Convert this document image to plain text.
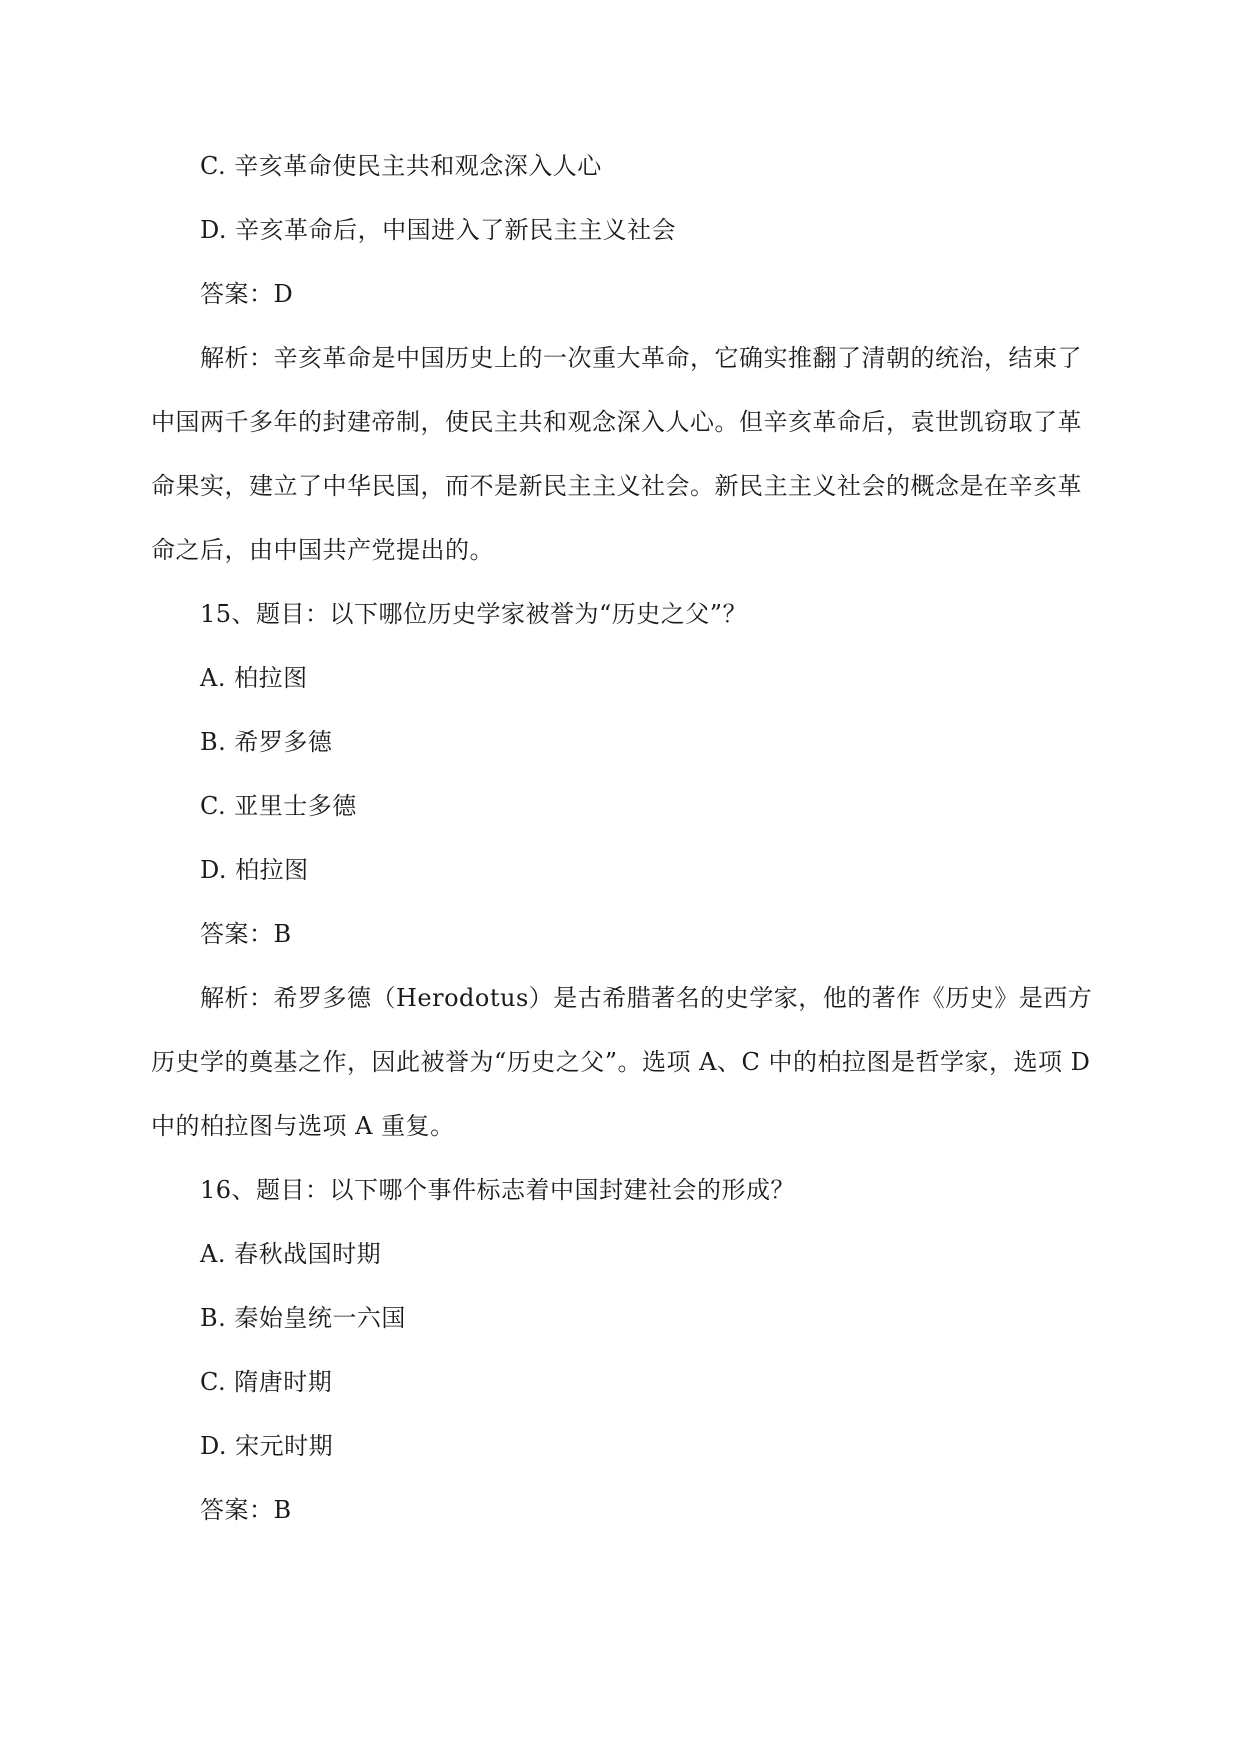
C. 辛亥革命使民主共和观念深入人心
D. 辛亥革命后，中国进入了新民主主义社会
答案：D
解析：辛亥革命是中国历史上的一次重大革命，它确实推翻了清朝的统治，结束了
中国两千多年的封建帝制，使民主共和观念深入人心。但辛亥革命后，袁世凯窃取了革
命果实，建立了中华民国，而不是新民主主义社会。新民主主义社会的概念是在辛亥革
命之后，由中国共产党提出的。
15、题目：以下哪位历史学家被誉为“历史之父”？
A. 柏拉图
B. 希罗多德
C. 亚里士多德
D. 柏拉图
答案：B
解析：希罗多德（Herodotus）是古希腊著名的史学家，他的著作《历史》是西方
历史学的奠基之作，因此被誉为“历史之父”。选项 A、C 中的柏拉图是哲学家，选项 D
中的柏拉图与选项 A 重复。
16、题目：以下哪个事件标志着中国封建社会的形成？
A. 春秋战国时期
B. 秦始皇统一六国
C. 隋唐时期
D. 宋元时期
答案：B
